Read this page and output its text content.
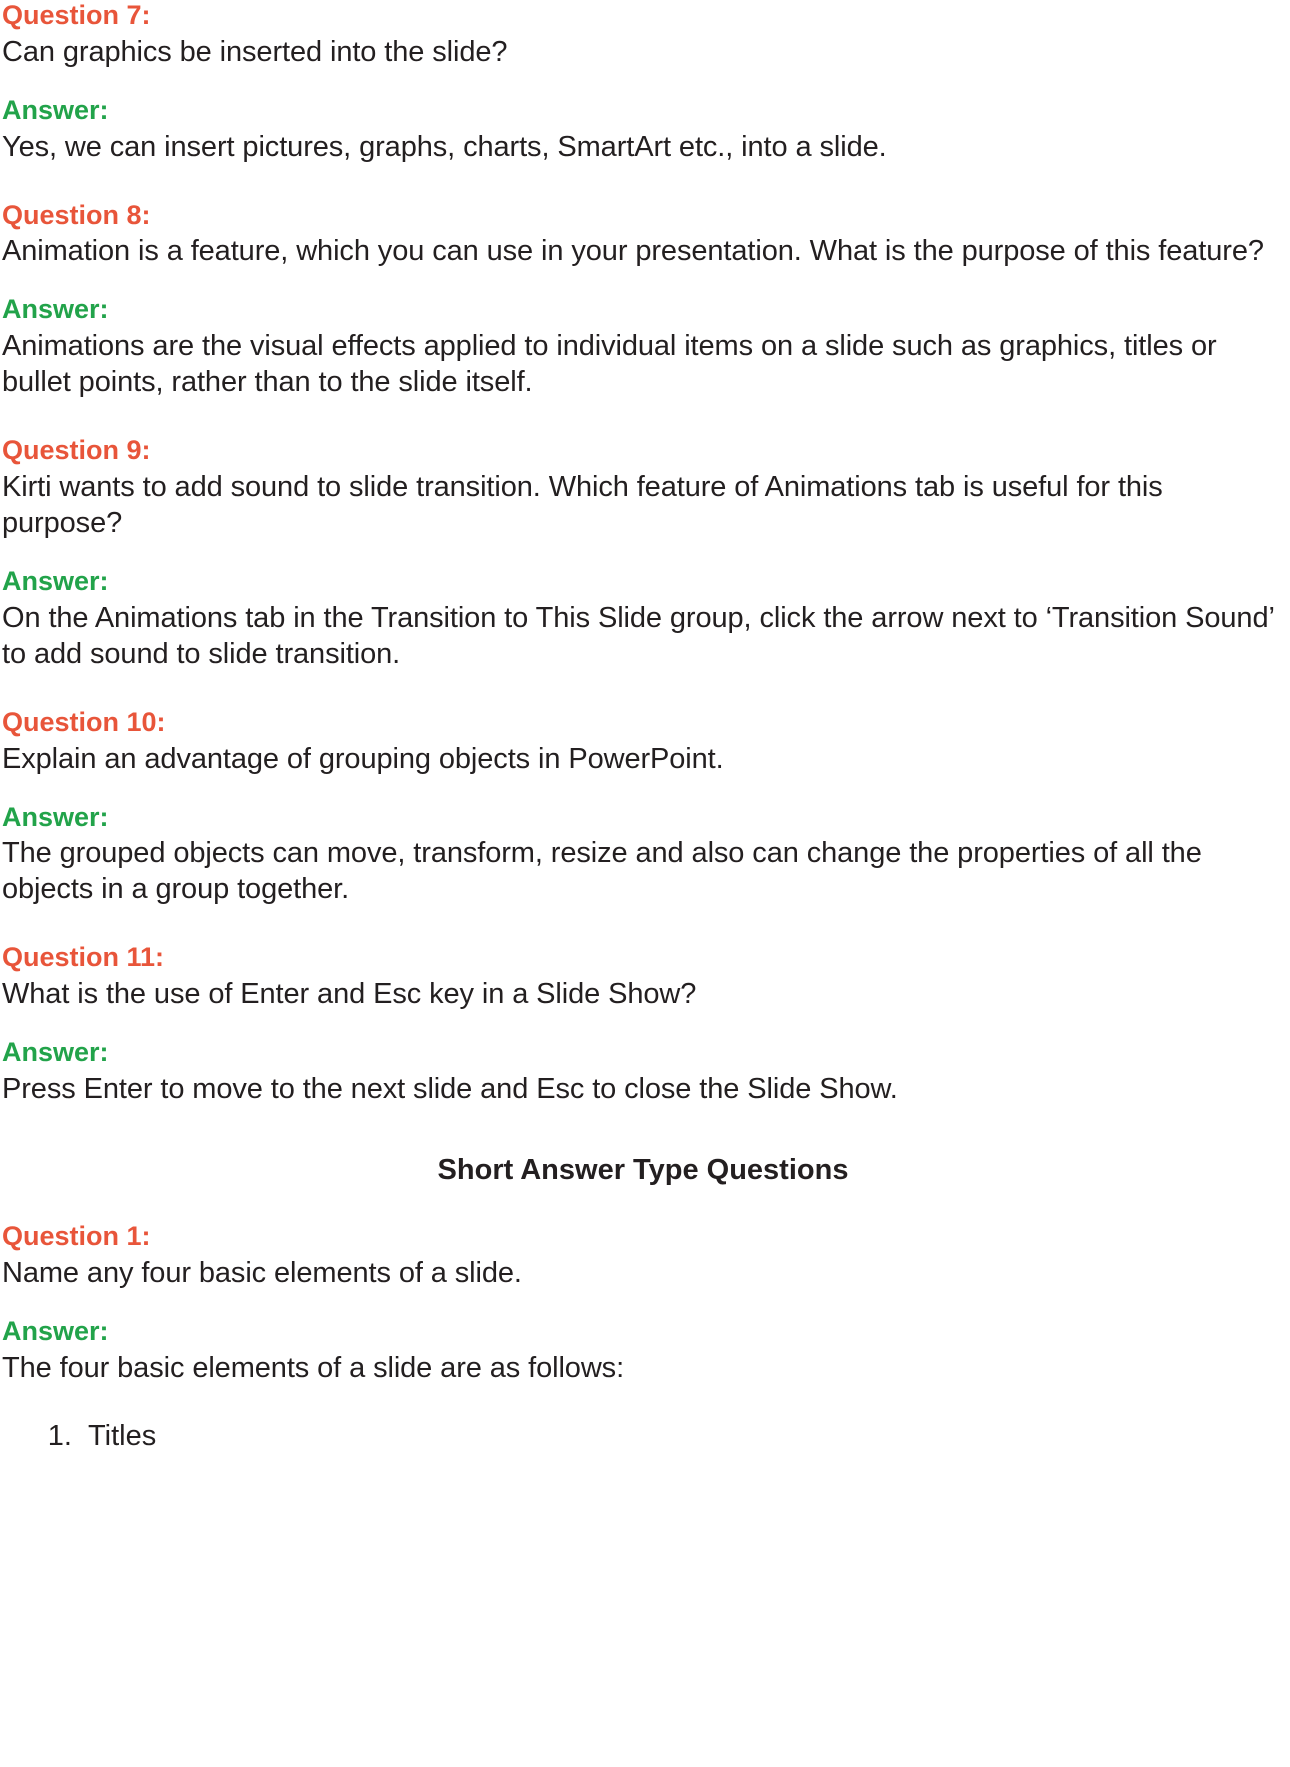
Question 7:

Can graphics be inserted into the slide?

Answer:

Yes, we can insert pictures, graphs, charts, SmartArt etc., into a slide.

Question 8:

Animation is a feature, which you can use in your presentation. What is the purpose of this feature?

Answer:

Animations are the visual effects applied to individual items on a slide such as graphics, titles or bullet points, rather than to the slide itself.

Question 9:

Kirti wants to add sound to slide transition. Which feature of Animations tab is useful for this purpose?

Answer:

On the Animations tab in the Transition to This Slide group, click the arrow next to ‘Transition Sound’ to add sound to slide transition.

Question 10:

Explain an advantage of grouping objects in PowerPoint.

Answer:

The grouped objects can move, transform, resize and also can change the properties of all the objects in a group together.

Question 11:

What is the use of Enter and Esc key in a Slide Show?

Answer:

Press Enter to move to the next slide and Esc to close the Slide Show.

Short Answer Type Questions

Question 1:

Name any four basic elements of a slide.

Answer:

The four basic elements of a slide are as follows:

1. Titles
